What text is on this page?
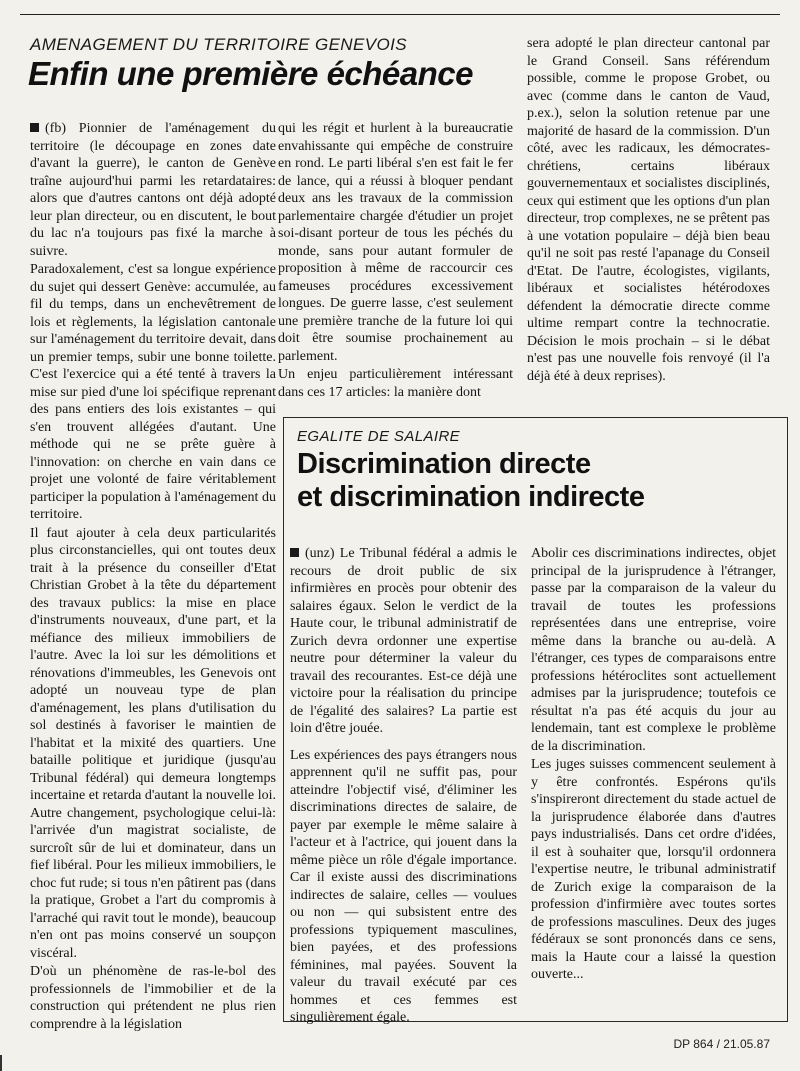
AMENAGEMENT DU TERRITOIRE GENEVOIS
Enfin une première échéance

(fb) Pionnier de l'aménagement du territoire (le découpage en zones date d'avant la guerre), le canton de Genève traîne aujourd'hui parmi les retardataires: alors que d'autres cantons ont déjà adopté leur plan directeur, ou en discutent, le bout du lac n'a toujours pas fixé la marche à suivre.

Paradoxalement, c'est sa longue expérience du sujet qui dessert Genève: accumulée, au fil du temps, dans un enchevêtrement de lois et règlements, la législation cantonale sur l'aménagement du territoire devait, dans un premier temps, subir une bonne toilette. C'est l'exercice qui a été tenté à travers la mise sur pied d'une loi spécifique reprenant des pans entiers des lois existantes – qui s'en trouvent allégées d'autant. Une méthode qui ne se prête guère à l'innovation: on cherche en vain dans ce projet une volonté de faire véritablement participer la population à l'aménagement du territoire.

Il faut ajouter à cela deux particularités plus circonstancielles, qui ont toutes deux trait à la présence du conseiller d'Etat Christian Grobet à la tête du département des travaux publics: la mise en place d'instruments nouveaux, d'une part, et la méfiance des milieux immobiliers de l'autre. Avec la loi sur les démolitions et rénovations d'immeubles, les Genevois ont adopté un nouveau type de plan d'aménagement, les plans d'utilisation du sol destinés à favoriser le maintien de l'habitat et la mixité des quartiers. Une bataille politique et juridique (jusqu'au Tribunal fédéral) qui demeura longtemps incertaine et retarda d'autant la nouvelle loi. Autre changement, psychologique celui-là: l'arrivée d'un magistrat socialiste, de surcroît sûr de lui et dominateur, dans un fief libéral. Pour les milieux immobiliers, le choc fut rude; si tous n'en pâtirent pas (dans la pratique, Grobet a l'art du compromis à l'arraché qui ravit tout le monde), beaucoup n'en ont pas moins conservé un soupçon viscéral.

D'où un phénomène de ras-le-bol des professionnels de l'immobilier et de la construction qui prétendent ne plus rien comprendre à la législation

qui les régit et hurlent à la bureaucratie envahissante qui empêche de construire en rond. Le parti libéral s'en est fait le fer de lance, qui a réussi à bloquer pendant deux ans les travaux de la commission parlementaire chargée d'étudier un projet soi-disant porteur de tous les péchés du monde, sans pour autant formuler de proposition à même de raccourcir ces fameuses procédures excessivement longues. De guerre lasse, c'est seulement une première tranche de la future loi qui doit être soumise prochainement au parlement.

Un enjeu particulièrement intéressant dans ces 17 articles: la manière dont

sera adopté le plan directeur cantonal par le Grand Conseil. Sans référendum possible, comme le propose Grobet, ou avec (comme dans le canton de Vaud, p.ex.), selon la solution retenue par une majorité de hasard de la commission. D'un côté, avec les radicaux, les démocrates-chrétiens, certains libéraux gouvernementaux et socialistes disciplinés, ceux qui estiment que les options d'un plan directeur, trop complexes, ne se prêtent pas à une votation populaire – déjà bien beau qu'il ne soit pas resté l'apanage du Conseil d'Etat. De l'autre, écologistes, vigilants, libéraux et socialistes hétérodoxes défendent la démocratie directe comme ultime rempart contre la technocratie. Décision le mois prochain – si le débat n'est pas une nouvelle fois renvoyé (il l'a déjà été à deux reprises).

EGALITE DE SALAIRE
Discrimination directe
et discrimination indirecte

(unz) Le Tribunal fédéral a admis le recours de droit public de six infirmières en procès pour obtenir des salaires égaux. Selon le verdict de la Haute cour, le tribunal administratif de Zurich devra ordonner une expertise neutre pour déterminer la valeur du travail des recourantes. Est-ce déjà une victoire pour la réalisation du principe de l'égalité des salaires? La partie est loin d'être jouée.

Les expériences des pays étrangers nous apprennent qu'il ne suffit pas, pour atteindre l'objectif visé, d'éliminer les discriminations directes de salaire, de payer par exemple le même salaire à l'acteur et à l'actrice, qui jouent dans la même pièce un rôle d'égale importance. Car il existe aussi des discriminations indirectes de salaire, celles — voulues ou non — qui subsistent entre des professions typiquement masculines, bien payées, et des professions féminines, mal payées. Souvent la valeur du travail exécuté par ces hommes et ces femmes est singulièrement égale.

Abolir ces discriminations indirectes, objet principal de la jurisprudence à l'étranger, passe par la comparaison de la valeur du travail de toutes les professions représentées dans une entreprise, voire même dans la branche ou au-delà. A l'étranger, ces types de comparaisons entre professions hétéroclites sont actuellement admises par la jurisprudence; toutefois ce résultat n'a pas été acquis du jour au lendemain, tant est complexe le problème de la discrimination.

Les juges suisses commencent seulement à y être confrontés. Espérons qu'ils s'inspireront directement du stade actuel de la jurisprudence élaborée dans d'autres pays industrialisés. Dans cet ordre d'idées, il est à souhaiter que, lorsqu'il ordonnera l'expertise neutre, le tribunal administratif de Zurich exige la comparaison de la profession d'infirmière avec toutes sortes de professions masculines. Deux des juges fédéraux se sont prononcés dans ce sens, mais la Haute cour a laissé la question ouverte...

DP 864 / 21.05.87
